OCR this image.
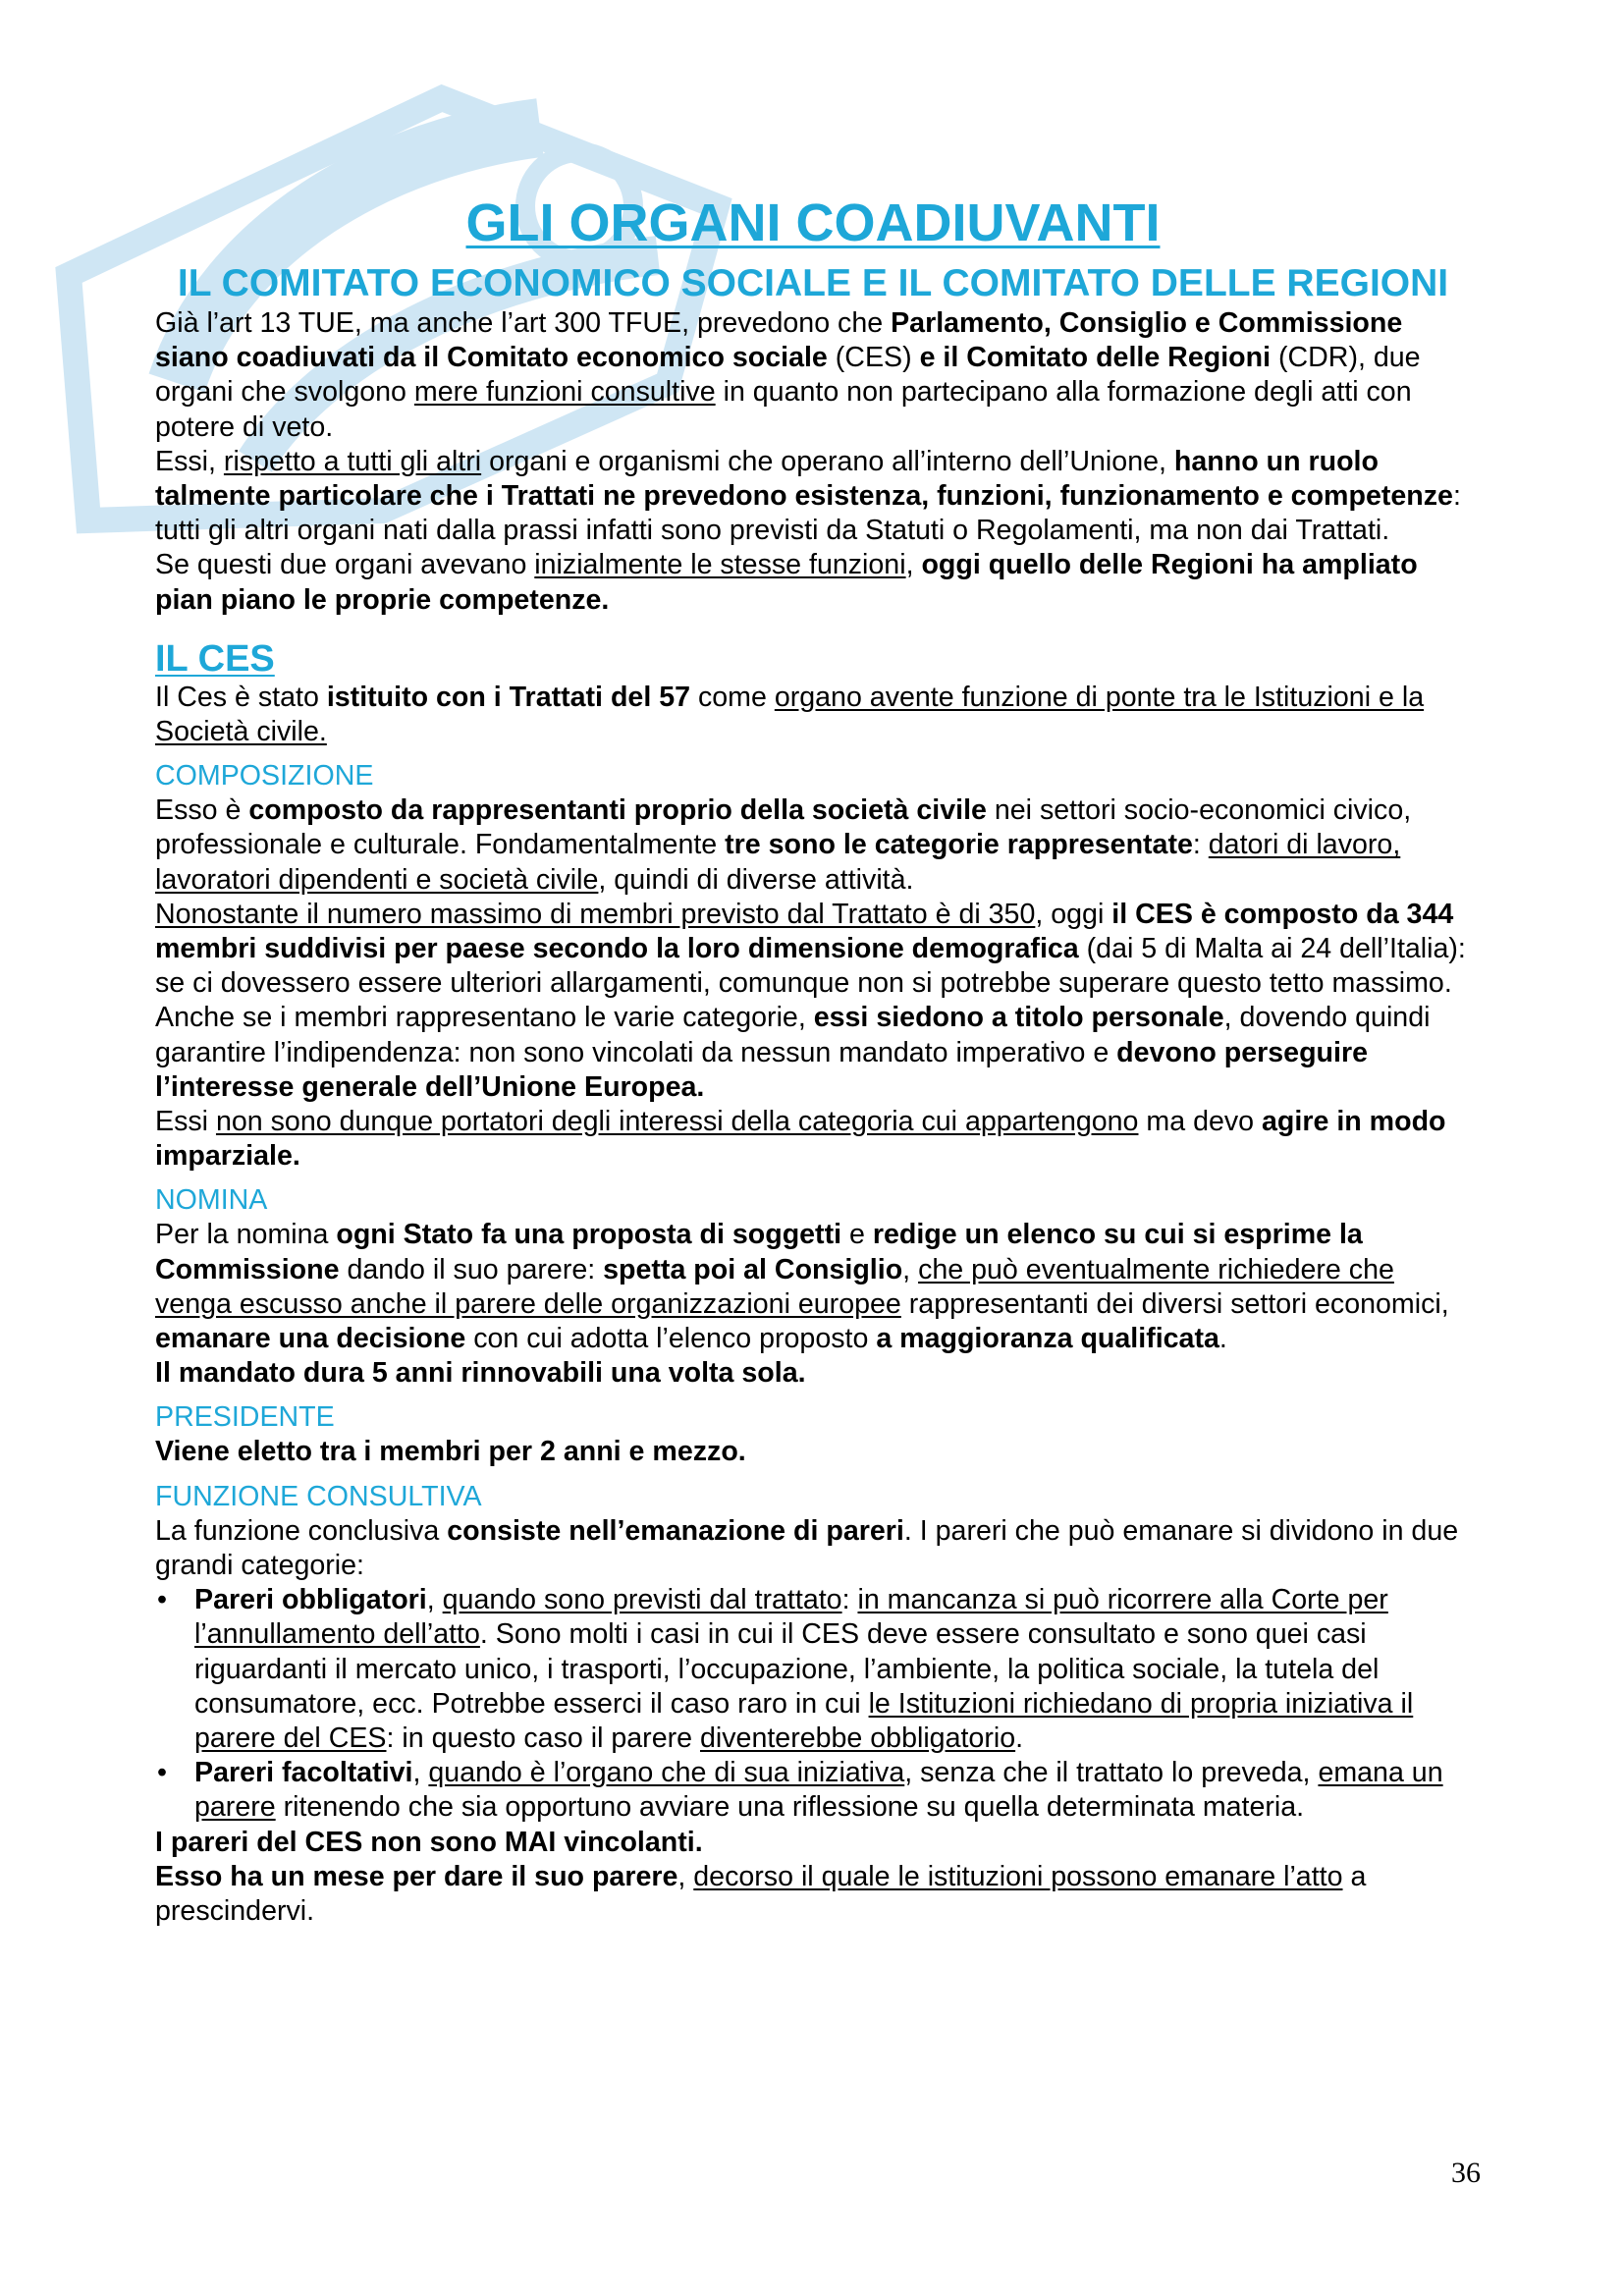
GLI ORGANI COADIUVANTI
IL COMITATO ECONOMICO SOCIALE E IL COMITATO DELLE REGIONI

Già l’art 13 TUE, ma anche l’art 300 TFUE, prevedono che Parlamento, Consiglio e Commissione siano coadiuvati da il Comitato economico sociale (CES) e il Comitato delle Regioni (CDR), due organi che svolgono mere funzioni consultive in quanto non partecipano alla formazione degli atti con potere di veto.

Essi, rispetto a tutti gli altri organi e organismi che operano all’interno dell’Unione, hanno un ruolo talmente particolare che i Trattati ne prevedono esistenza, funzioni, funzionamento e competenze: tutti gli altri organi nati dalla prassi infatti sono previsti da Statuti o Regolamenti, ma non dai Trattati.

Se questi due organi avevano inizialmente le stesse funzioni, oggi quello delle Regioni ha ampliato pian piano le proprie competenze.

IL CES

Il Ces è stato istituito con i Trattati del 57 come organo avente funzione di ponte tra le Istituzioni e la Società civile.

COMPOSIZIONE

Esso è composto da rappresentanti proprio della società civile nei settori socio-economici civico, professionale e culturale. Fondamentalmente tre sono le categorie rappresentate: datori di lavoro, lavoratori dipendenti e società civile, quindi di diverse attività.

Nonostante il numero massimo di membri previsto dal Trattato è di 350, oggi il CES è composto da 344 membri suddivisi per paese secondo la loro dimensione demografica (dai 5 di Malta ai 24 dell’Italia): se ci dovessero essere ulteriori allargamenti, comunque non si potrebbe superare questo tetto massimo.

Anche se i membri rappresentano le varie categorie, essi siedono a titolo personale, dovendo quindi garantire l’indipendenza: non sono vincolati da nessun mandato imperativo e devono perseguire l’interesse generale dell’Unione Europea.

Essi non sono dunque portatori degli interessi della categoria cui appartengono ma devo agire in modo imparziale.

NOMINA

Per la nomina ogni Stato fa una proposta di soggetti e redige un elenco su cui si esprime la Commissione dando il suo parere: spetta poi al Consiglio, che può eventualmente richiedere che venga escusso anche il parere delle organizzazioni europee rappresentanti dei diversi settori economici, emanare una decisione con cui adotta l’elenco proposto a maggioranza qualificata.

Il mandato dura 5 anni rinnovabili una volta sola.

PRESIDENTE

Viene eletto tra i membri per 2 anni e mezzo.

FUNZIONE CONSULTIVA

La funzione conclusiva consiste nell’emanazione di pareri. I pareri che può emanare si dividono in due grandi categorie:

• Pareri obbligatori, quando sono previsti dal trattato: in mancanza si può ricorrere alla Corte per l’annullamento dell’atto. Sono molti i casi in cui il CES deve essere consultato e sono quei casi riguardanti il mercato unico, i trasporti, l’occupazione, l’ambiente, la politica sociale, la tutela del consumatore, ecc. Potrebbe esserci il caso raro in cui le Istituzioni richiedano di propria iniziativa il parere del CES: in questo caso il parere diventerebbe obbligatorio.
• Pareri facoltativi, quando è l’organo che di sua iniziativa, senza che il trattato lo preveda, emana un parere ritenendo che sia opportuno avviare una riflessione su quella determinata materia.

I pareri del CES non sono MAI vincolanti.

Esso ha un mese per dare il suo parere, decorso il quale le istituzioni possono emanare l’atto a prescindervi.

36
